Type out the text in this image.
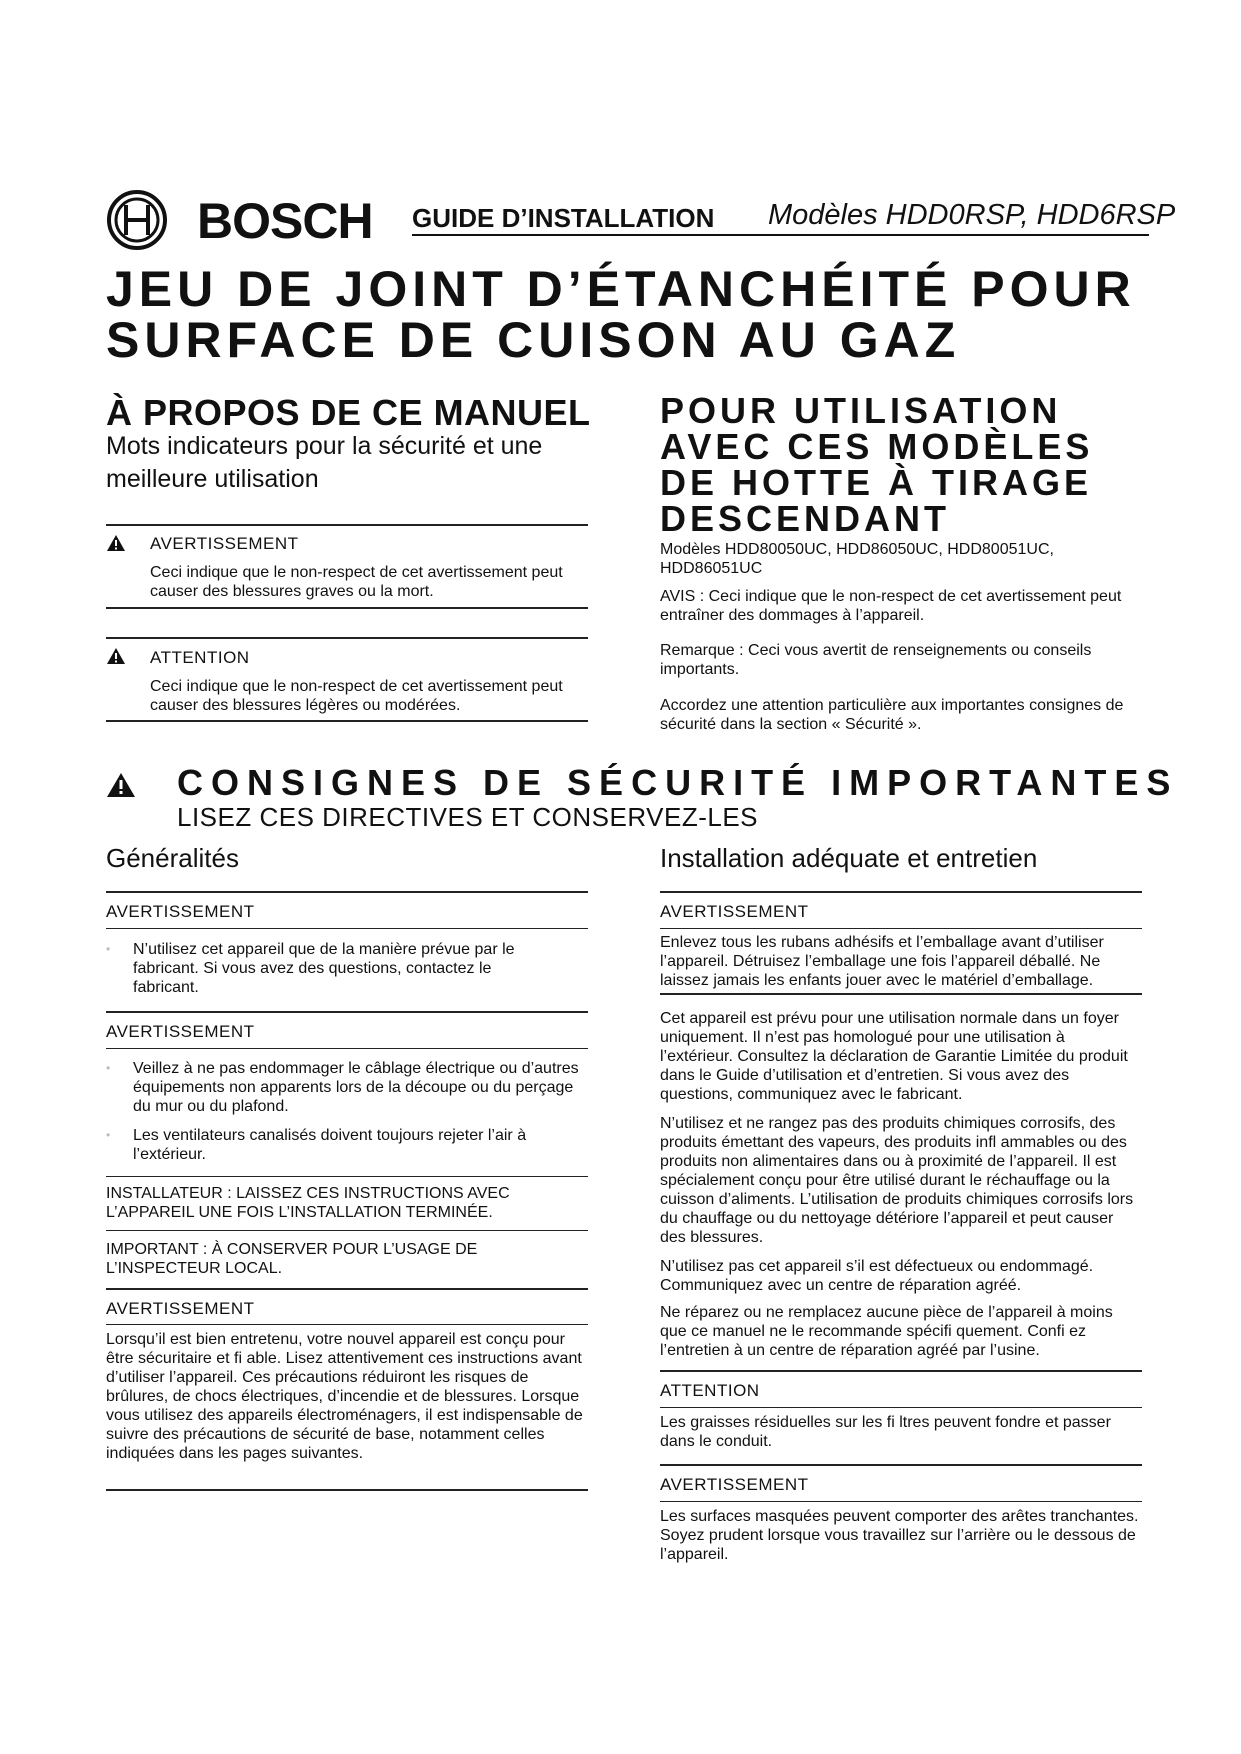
BOSCH GUIDE D’INSTALLATION Modèles HDD0RSP, HDD6RSP
JEU DE JOINT D’ÉTANCHÉITÉ POUR
SURFACE DE CUISON AU GAZ
À PROPOS DE CE MANUEL
Mots indicateurs pour la sécurité et une meilleure utilisation
AVERTISSEMENT
Ceci indique que le non-respect de cet avertissement peut causer des blessures graves ou la mort.
ATTENTION
Ceci indique que le non-respect de cet avertissement peut causer des blessures légères ou modérées.
POUR UTILISATION
AVEC CES MODÈLES
DE HOTTE À TIRAGE
DESCENDANT
Modèles HDD80050UC, HDD86050UC, HDD80051UC, HDD86051UC
AVIS : Ceci indique que le non-respect de cet avertissement peut entraîner des dommages à l’appareil.
Remarque : Ceci vous avertit de renseignements ou conseils importants.
Accordez une attention particulière aux importantes consignes de sécurité dans la section « Sécurité ».
CONSIGNES DE SÉCURITÉ IMPORTANTES
LISEZ CES DIRECTIVES ET CONSERVEZ-LES
Généralités
AVERTISSEMENT
• N’utilisez cet appareil que de la manière prévue par le fabricant. Si vous avez des questions, contactez le fabricant.
AVERTISSEMENT
• Veillez à ne pas endommager le câblage électrique ou d’autres équipements non apparents lors de la découpe ou du perçage du mur ou du plafond.
• Les ventilateurs canalisés doivent toujours rejeter l’air à l’extérieur.
INSTALLATEUR : LAISSEZ CES INSTRUCTIONS AVEC L’APPAREIL UNE FOIS L’INSTALLATION TERMINÉE.
IMPORTANT : À CONSERVER POUR L’USAGE DE L’INSPECTEUR LOCAL.
AVERTISSEMENT
Lorsqu’il est bien entretenu, votre nouvel appareil est conçu pour être sécuritaire et fi able. Lisez attentivement ces instructions avant d’utiliser l’appareil. Ces précautions réduiront les risques de brûlures, de chocs électriques, d’incendie et de blessures. Lorsque vous utilisez des appareils électroménagers, il est indispensable de suivre des précautions de sécurité de base, notamment celles indiquées dans les pages suivantes.
Installation adéquate et entretien
AVERTISSEMENT
Enlevez tous les rubans adhésifs et l’emballage avant d’utiliser l’appareil. Détruisez l’emballage une fois l’appareil déballé. Ne laissez jamais les enfants jouer avec le matériel d’emballage.
Cet appareil est prévu pour une utilisation normale dans un foyer uniquement. Il n’est pas homologué pour une utilisation à l’extérieur. Consultez la déclaration de Garantie Limitée du produit dans le Guide d’utilisation et d’entretien. Si vous avez des questions, communiquez avec le fabricant.
N’utilisez et ne rangez pas des produits chimiques corrosifs, des produits émettant des vapeurs, des produits infl ammables ou des produits non alimentaires dans ou à proximité de l’appareil. Il est spécialement conçu pour être utilisé durant le réchauffage ou la cuisson d’aliments. L’utilisation de produits chimiques corrosifs lors du chauffage ou du nettoyage détériore l’appareil et peut causer des blessures.
N’utilisez pas cet appareil s’il est défectueux ou endommagé. Communiquez avec un centre de réparation agréé.
Ne réparez ou ne remplacez aucune pièce de l’appareil à moins que ce manuel ne le recommande spécifi quement. Confi ez l’entretien à un centre de réparation agréé par l’usine.
ATTENTION
Les graisses résiduelles sur les fi ltres peuvent fondre et passer dans le conduit.
AVERTISSEMENT
Les surfaces masquées peuvent comporter des arêtes tranchantes. Soyez prudent lorsque vous travaillez sur l’arrière ou le dessous de l’appareil.
